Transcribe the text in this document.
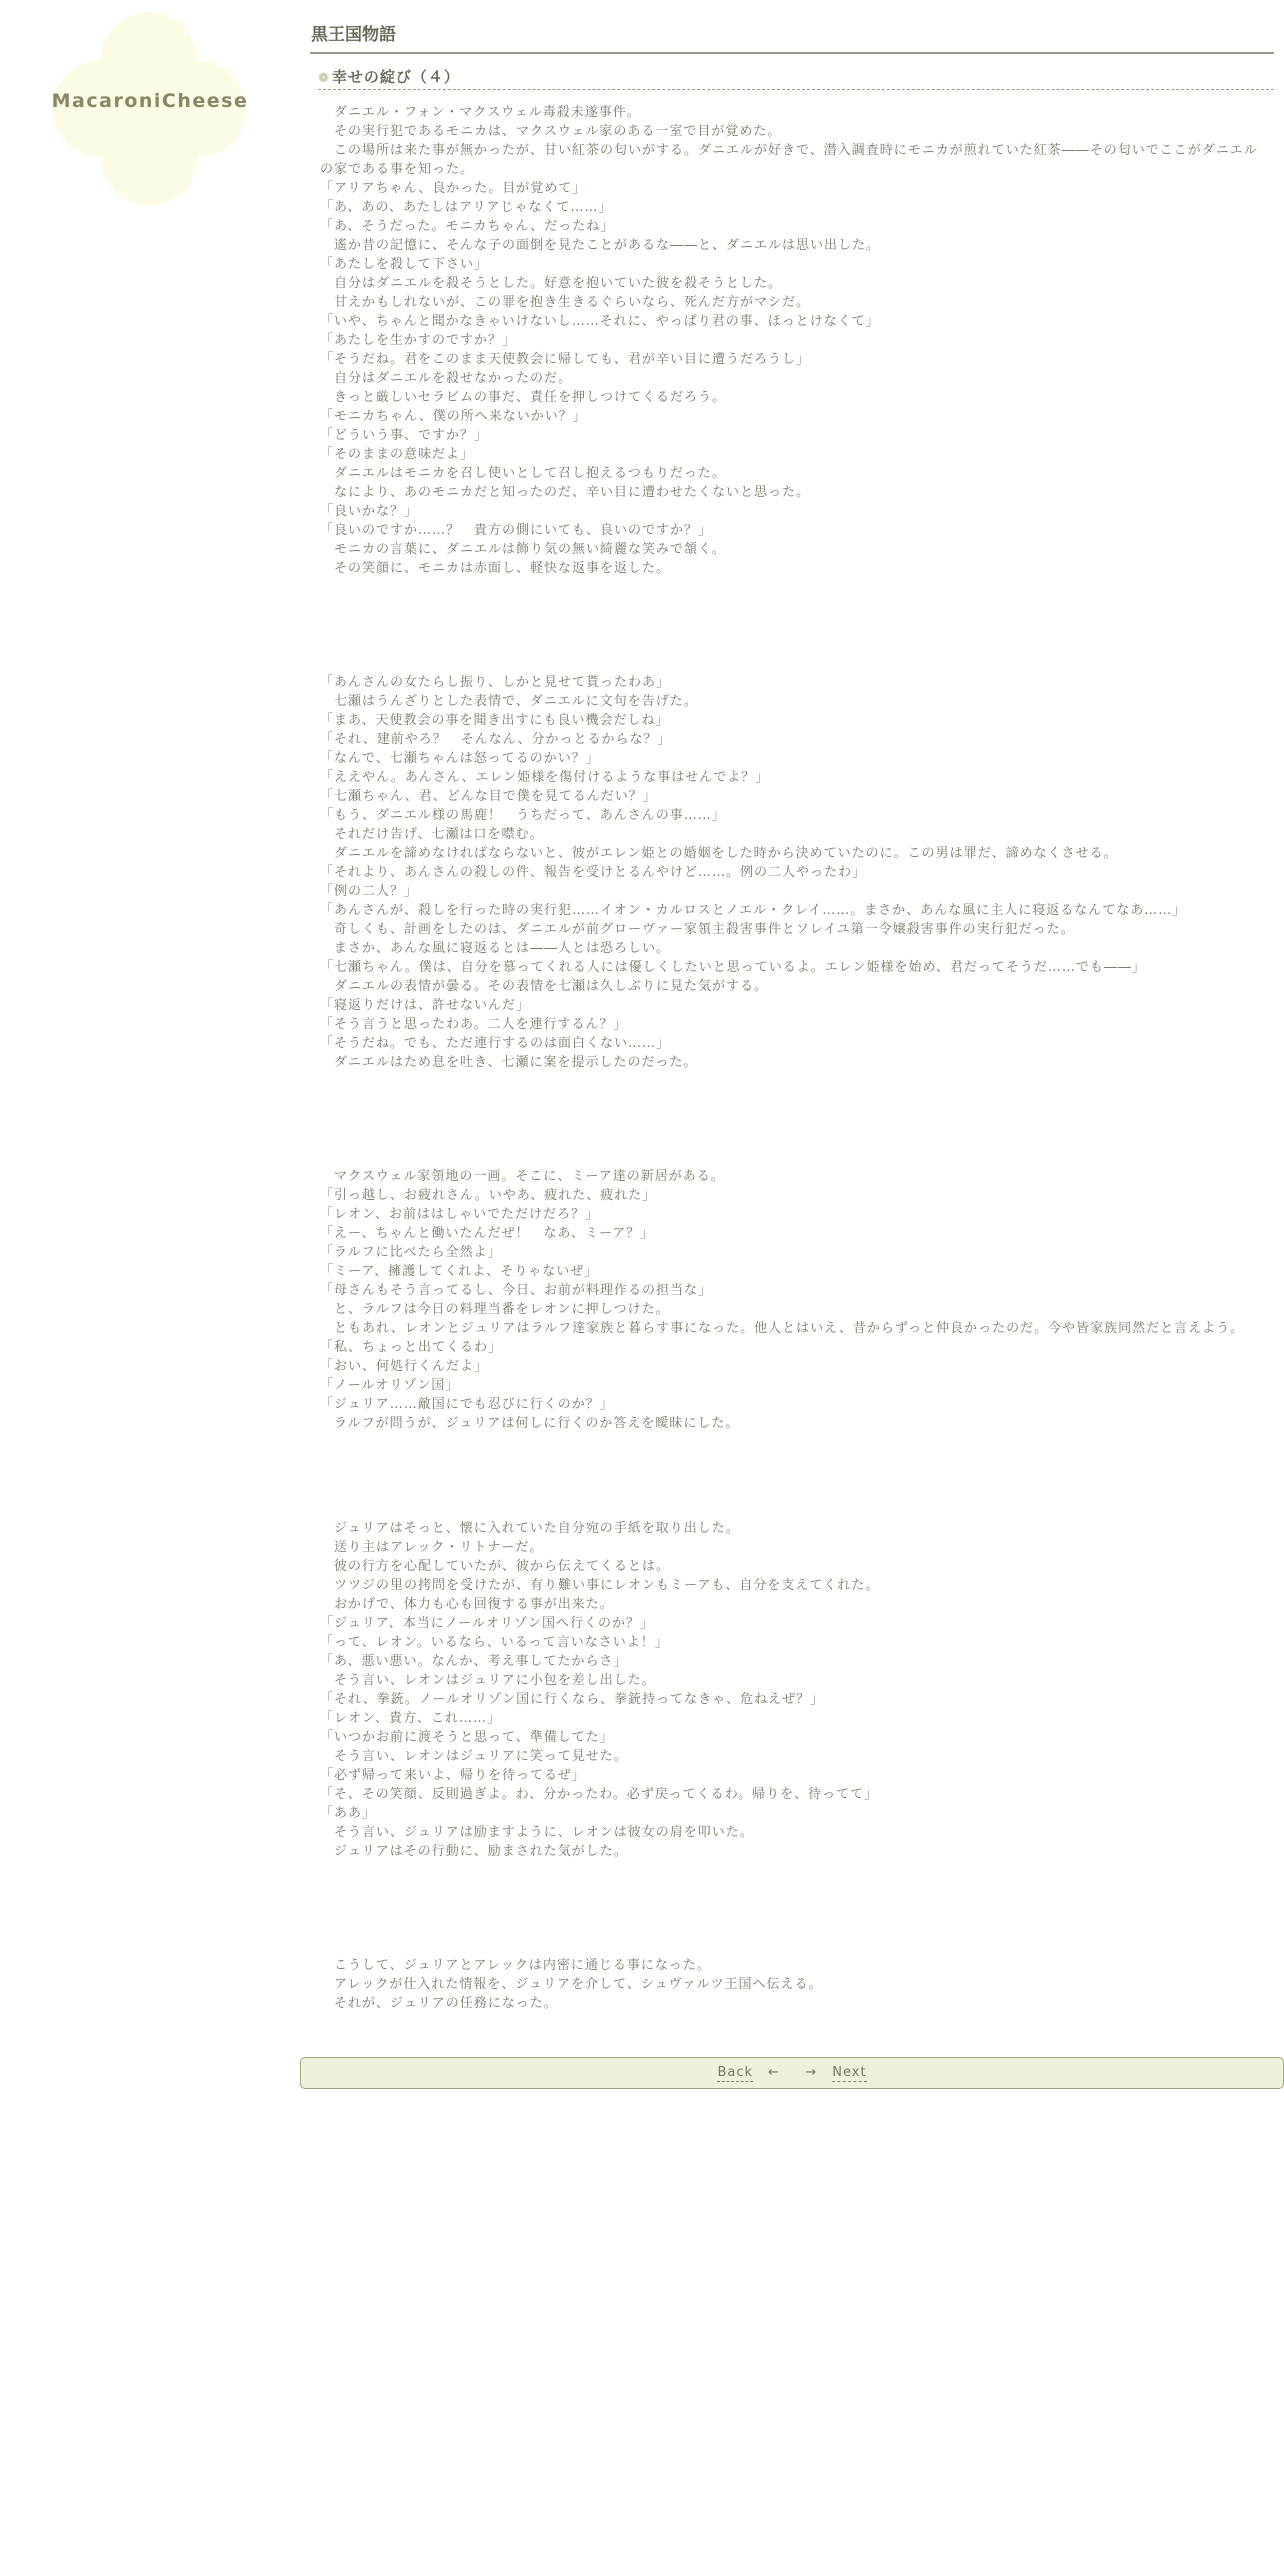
MacaroniCheese
黒王国物語
❁ 幸せの綻び（４）

　ダニエル・フォン・マクスウェル毒殺未遂事件。

　その実行犯であるモニカは、マクスウェル家のある一室で目が覚めた。

　この場所は来た事が無かったが、甘い紅茶の匂いがする。ダニエルが好きで、潜入調査時にモニカが煎れていた紅茶――その匂いでここがダニエルの家である事を知った。

「アリアちゃん、良かった。目が覚めて」

「あ、あの、あたしはアリアじゃなくて……」

「あ、そうだった。モニカちゃん、だったね」

　遙か昔の記憶に、そんな子の面倒を見たことがあるな――と、ダニエルは思い出した。

「あたしを殺して下さい」

　自分はダニエルを殺そうとした。好意を抱いていた彼を殺そうとした。

　甘えかもしれないが、この罪を抱き生きるぐらいなら、死んだ方がマシだ。

「いや、ちゃんと聞かなきゃいけないし……それに、やっぱり君の事、ほっとけなくて」

「あたしを生かすのですか？」

「そうだね。君をこのまま天使教会に帰しても、君が辛い目に遭うだろうし」

　自分はダニエルを殺せなかったのだ。

　きっと厳しいセラビムの事だ、責任を押しつけてくるだろう。

「モニカちゃん、僕の所へ来ないかい？」

「どういう事、ですか？」

「そのままの意味だよ」

　ダニエルはモニカを召し使いとして召し抱えるつもりだった。

　なにより、あのモニカだと知ったのだ、辛い目に遭わせたくないと思った。

「良いかな？」

「良いのですか……？　貴方の側にいても、良いのですか？」

　モニカの言葉に、ダニエルは飾り気の無い綺麗な笑みで頷く。

　その笑顔に、モニカは赤面し、軽快な返事を返した。

「あんさんの女たらし振り、しかと見せて貰ったわあ」

　七瀬はうんざりとした表情で、ダニエルに文句を告げた。

「まあ、天使教会の事を聞き出すにも良い機会だしね」

「それ、建前やろ？　そんなん、分かっとるからな？」

「なんで、七瀬ちゃんは怒ってるのかい？」

「ええやん。あんさん、エレン姫様を傷付けるような事はせんでよ？」

「七瀬ちゃん、君、どんな目で僕を見てるんだい？」

「もう、ダニエル様の馬鹿！　うちだって、あんさんの事……」

　それだけ告げ、七瀬は口を噤む。

　ダニエルを諦めなければならないと、彼がエレン姫との婚姻をした時から決めていたのに。この男は罪だ、諦めなくさせる。

「それより、あんさんの殺しの件、報告を受けとるんやけど……。例の二人やったわ」

「例の二人？」

「あんさんが、殺しを行った時の実行犯……イオン・カルロスとノエル・クレイ……。まさか、あんな風に主人に寝返るなんてなあ……」

　奇しくも、計画をしたのは、ダニエルが前グローヴァー家領主殺害事件とソレイユ第一令嬢殺害事件の実行犯だった。

　まさか、あんな風に寝返るとは――人とは恐ろしい。

「七瀬ちゃん。僕は、自分を慕ってくれる人には優しくしたいと思っているよ。エレン姫様を始め、君だってそうだ……でも――」

　ダニエルの表情が曇る。その表情を七瀬は久しぶりに見た気がする。

「寝返りだけは、許せないんだ」

「そう言うと思ったわあ。二人を連行するん？」

「そうだね。でも、ただ連行するのは面白くない……」

　ダニエルはため息を吐き、七瀬に案を提示したのだった。

　マクスウェル家領地の一画。そこに、ミーア達の新居がある。

「引っ越し、お疲れさん。いやあ、疲れた、疲れた」

「レオン、お前ははしゃいでただけだろ？」

「えー、ちゃんと働いたんだぜ！　なあ、ミーア？」

「ラルフに比べたら全然よ」

「ミーア、擁護してくれよ、そりゃないぜ」

「母さんもそう言ってるし、今日、お前が料理作るの担当な」

　と、ラルフは今日の料理当番をレオンに押しつけた。

　ともあれ、レオンとジュリアはラルフ達家族と暮らす事になった。他人とはいえ、昔からずっと仲良かったのだ。今や皆家族同然だと言えよう。

「私、ちょっと出てくるわ」

「おい、何処行くんだよ」

「ノールオリゾン国」

「ジュリア……敵国にでも忍びに行くのか？」

　ラルフが問うが、ジュリアは何しに行くのか答えを曖昧にした。

　ジュリアはそっと、懐に入れていた自分宛の手紙を取り出した。

　送り主はアレック・リトナーだ。

　彼の行方を心配していたが、彼から伝えてくるとは。

　ツツジの里の拷問を受けたが、有り難い事にレオンもミーアも、自分を支えてくれた。

　おかげで、体力も心も回復する事が出来た。

「ジュリア、本当にノールオリゾン国へ行くのか？」

「って、レオン。いるなら、いるって言いなさいよ！」

「あ、悪い悪い。なんか、考え事してたからさ」

　そう言い、レオンはジュリアに小包を差し出した。

「それ、拳銃。ノールオリゾン国に行くなら、拳銃持ってなきゃ、危ねえぜ？」

「レオン、貴方、これ……」

「いつかお前に渡そうと思って、準備してた」

　そう言い、レオンはジュリアに笑って見せた。

「必ず帰って来いよ、帰りを待ってるぜ」

「そ、その笑顔、反則過ぎよ。わ、分かったわ。必ず戻ってくるわ。帰りを、待ってて」

「ああ」

　そう言い、ジュリアは励ますように、レオンは彼女の肩を叩いた。

　ジュリアはその行動に、励まされた気がした。

　こうして、ジュリアとアレックは内密に通じる事になった。

　アレックが仕入れた情報を、ジュリアを介して、シュヴァルツ王国へ伝える。

　それが、ジュリアの任務になった。

Back ← → Next
